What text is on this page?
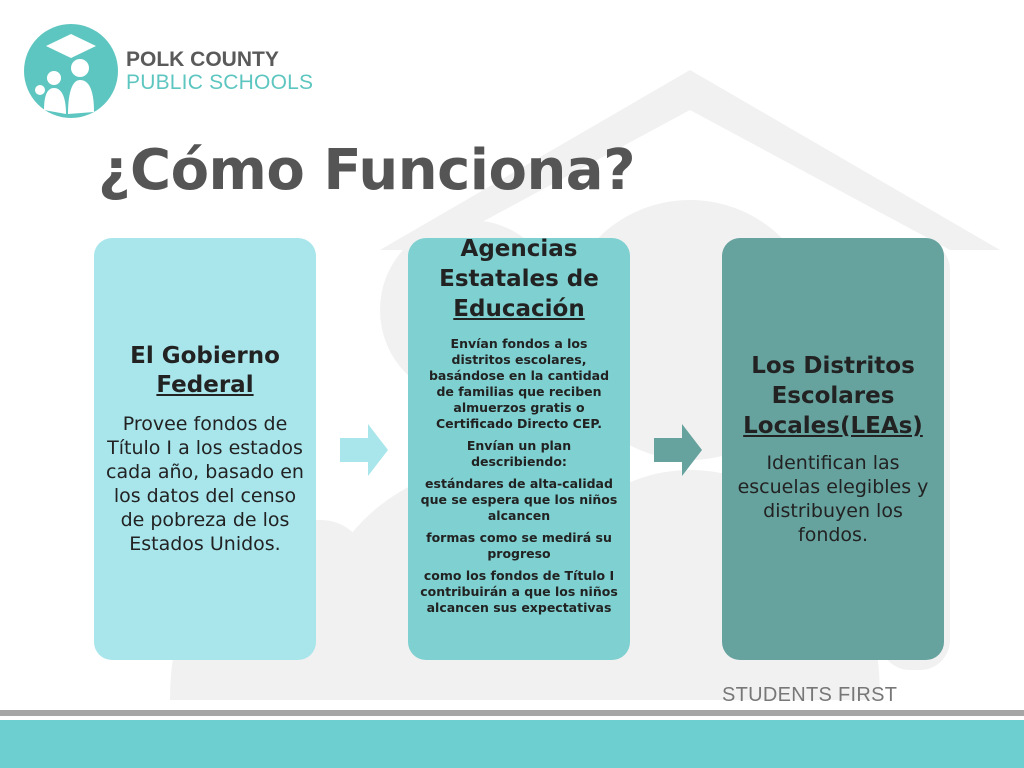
POLK COUNTY
PUBLIC SCHOOLS
¿Cómo Funciona?
El Gobierno
Federal
Provee fondos de Título I a los estados cada año, basado en los datos del censo de pobreza de los Estados Unidos.
Agencias Estatales de
Educación
Envían fondos a los distritos escolares, basándose en la cantidad de familias que reciben almuerzos gratis o Certificado Directo CEP.
Envían un plan describiendo:
estándares de alta-calidad que se espera que los niños alcancen
formas como se medirá su progreso
como los fondos de Título I contribuirán a que los niños alcancen sus expectativas
Los Distritos Escolares
Locales(LEAs)
Identifican las escuelas elegibles y distribuyen los fondos.
STUDENTS FIRST
